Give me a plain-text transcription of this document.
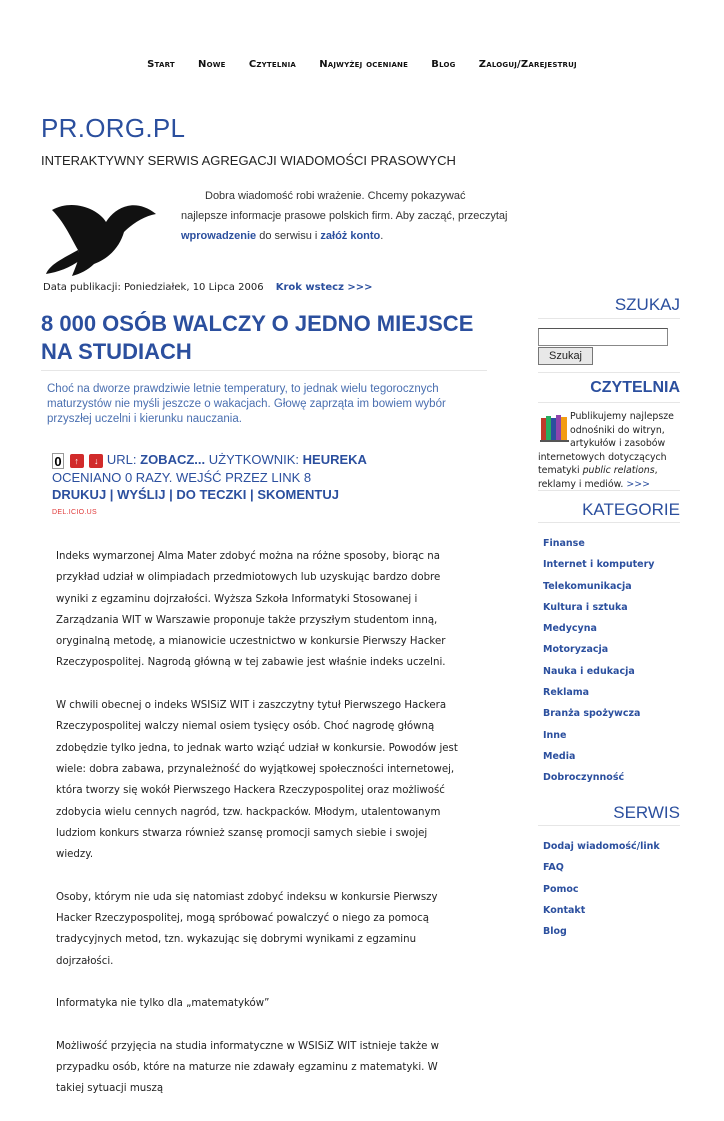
Start Nowe Czytelnia Najwyżej oceniane Blog Zaloguj/Zarejestruj
PR.ORG.PL
INTERAKTYWNY SERWIS AGREGACJI WIADOMOŚCI PRASOWYCH
Dobra wiadomość robi wrażenie. Chcemy pokazywać
najlepsze informacje prasowe polskich firm. Aby zacząć, przeczytaj
wprowadzenie do serwisu i załóż konto.
Data publikacji: Poniedziałek, 10 Lipca 2006 Krok wstecz >>>
8 000 OSÓB WALCZY O JEDNO MIEJSCE NA STUDIACH
Choć na dworze prawdziwie letnie temperatury, to jednak wielu tegorocznych maturzystów nie myśli jeszcze o wakacjach. Głowę zaprząta im bowiem wybór przyszłej uczelni i kierunku nauczania.
0 ↑ ↓ URL: ZOBACZ... UŻYTKOWNIK: HEUREKA
OCENIANO 0 RAZY. WEJŚĆ PRZEZ LINK 8
DRUKUJ | WYŚLIJ | DO TECZKI | SKOMENTUJ
DEL.ICIO.US

Indeks wymarzonej Alma Mater zdobyć można na różne sposoby, biorąc na przykład udział w olimpiadach przedmiotowych lub uzyskując bardzo dobre wyniki z egzaminu dojrzałości. Wyższa Szkoła Informatyki Stosowanej i Zarządzania WIT w Warszawie proponuje także przyszłym studentom inną, oryginalną metodę, a mianowicie uczestnictwo w konkursie Pierwszy Hacker Rzeczypospolitej. Nagrodą główną w tej zabawie jest właśnie indeks uczelni.

W chwili obecnej o indeks WSISiZ WIT i zaszczytny tytuł Pierwszego Hackera Rzeczypospolitej walczy niemal osiem tysięcy osób. Choć nagrodę główną zdobędzie tylko jedna, to jednak warto wziąć udział w konkursie. Powodów jest wiele: dobra zabawa, przynależność do wyjątkowej społeczności internetowej, która tworzy się wokół Pierwszego Hackera Rzeczypospolitej oraz możliwość zdobycia wielu cennych nagród, tzw. hackpacków. Młodym, utalentowanym ludziom konkurs stwarza również szansę promocji samych siebie i swojej wiedzy.

Osoby, którym nie uda się natomiast zdobyć indeksu w konkursie Pierwszy Hacker Rzeczypospolitej, mogą spróbować powalczyć o niego za pomocą tradycyjnych metod, tzn. wykazując się dobrymi wynikami z egzaminu dojrzałości.

Informatyka nie tylko dla „matematyków”

Możliwość przyjęcia na studia informatyczne w WSISiZ WIT istnieje także w przypadku osób, które na maturze nie zdawały egzaminu z matematyki. W takiej sytuacji muszą

SZUKAJ
Szukaj
CZYTELNIA
Publikujemy najlepsze
odnośniki do witryn,
artykułów i zasobów
internetowych dotyczących tematyki public relations, reklamy i mediów. >>>
KATEGORIE
Finanse
Internet i komputery
Telekomunikacja
Kultura i sztuka
Medycyna
Motoryzacja
Nauka i edukacja
Reklama
Branża spożywcza
Inne
Media
Dobroczynność
SERWIS
Dodaj wiadomość/link
FAQ
Pomoc
Kontakt
Blog
